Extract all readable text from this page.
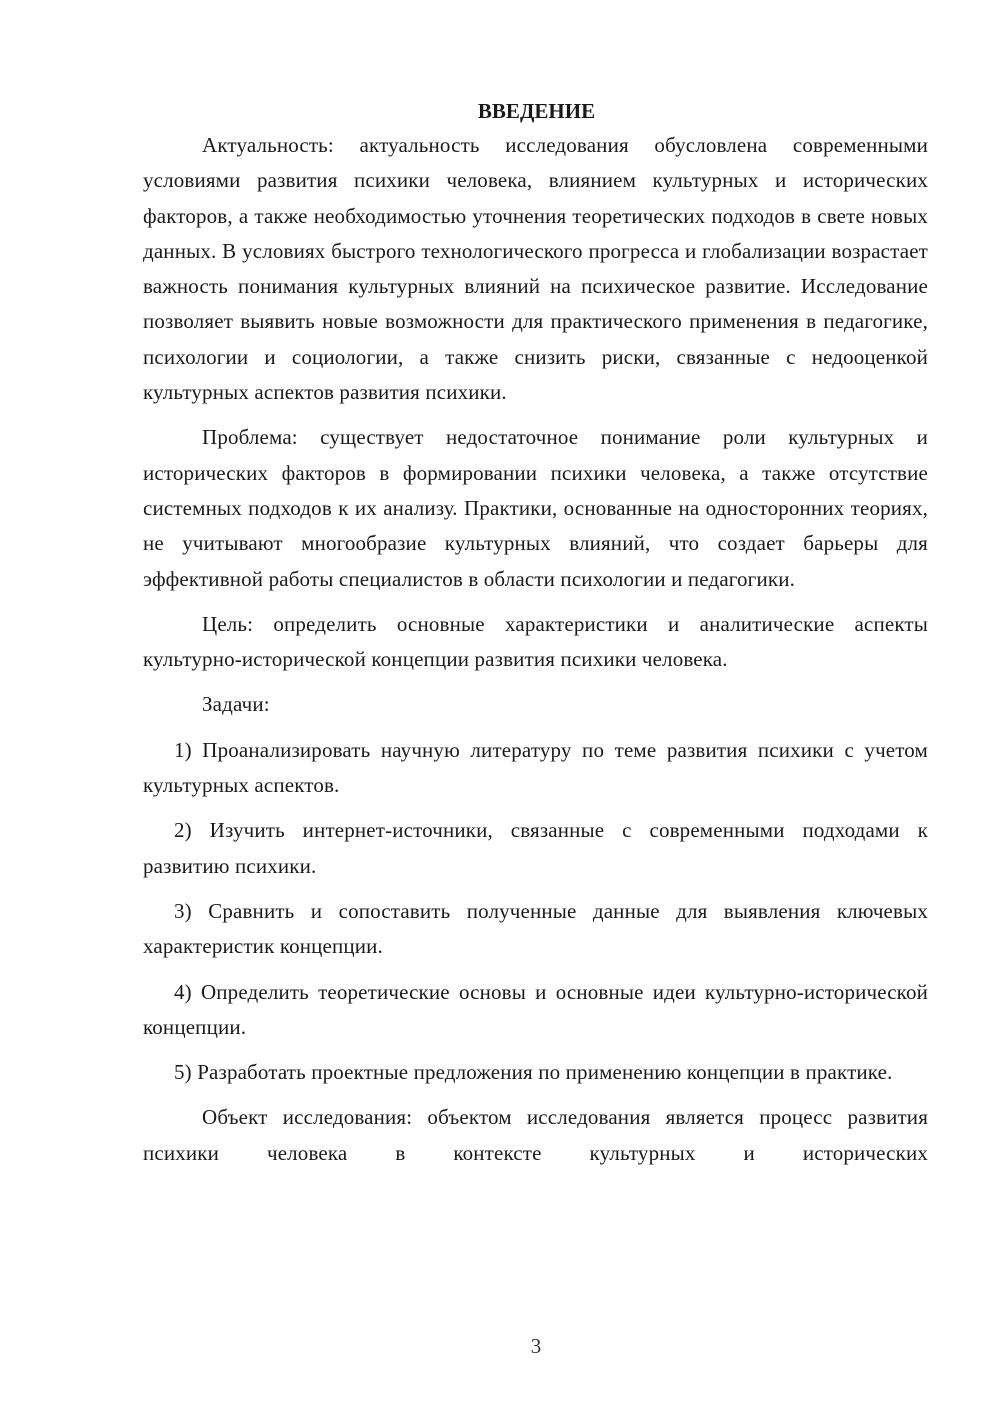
ВВЕДЕНИЕ

Актуальность: актуальность исследования обусловлена современными условиями развития психики человека, влиянием культурных и исторических факторов, а также необходимостью уточнения теоретических подходов в свете новых данных. В условиях быстрого технологического прогресса и глобализации возрастает важность понимания культурных влияний на психическое развитие. Исследование позволяет выявить новые возможности для практического применения в педагогике, психологии и социологии, а также снизить риски, связанные с недооценкой культурных аспектов развития психики.

Проблема: существует недостаточное понимание роли культурных и исторических факторов в формировании психики человека, а также отсутствие системных подходов к их анализу. Практики, основанные на односторонних теориях, не учитывают многообразие культурных влияний, что создает барьеры для эффективной работы специалистов в области психологии и педагогики.

Цель: определить основные характеристики и аналитические аспекты культурно-исторической концепции развития психики человека.

Задачи:

1) Проанализировать научную литературу по теме развития психики с учетом культурных аспектов.

2) Изучить интернет-источники, связанные с современными подходами к развитию психики.

3) Сравнить и сопоставить полученные данные для выявления ключевых характеристик концепции.

4) Определить теоретические основы и основные идеи культурно-исторической концепции.

5) Разработать проектные предложения по применению концепции в практике.

Объект исследования: объектом исследования является процесс развития психики человека в контексте культурных и исторических

3
